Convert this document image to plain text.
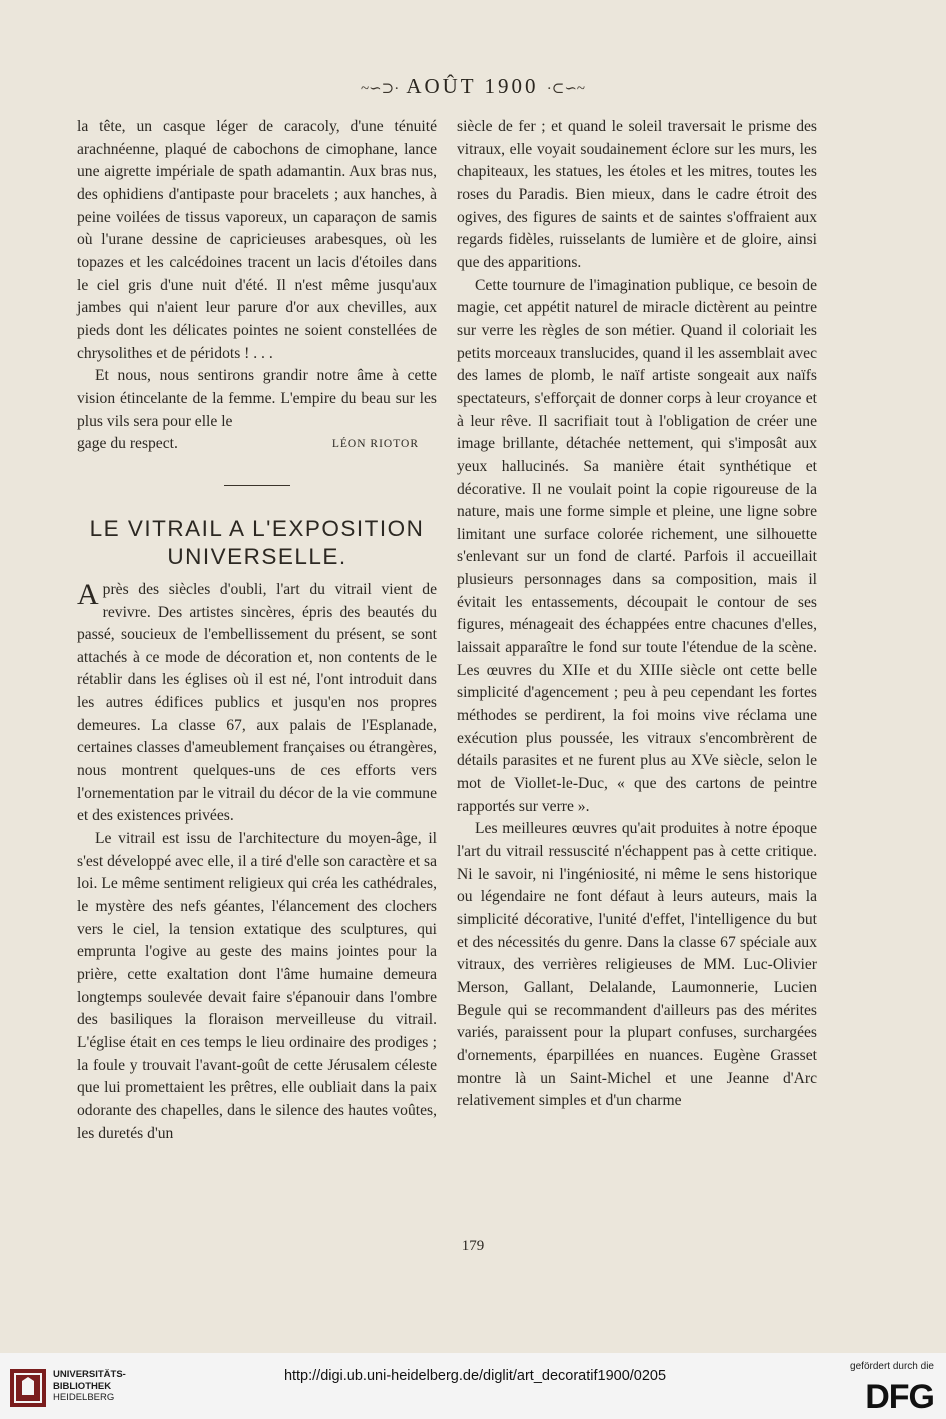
~∽⊃· AOÛT 1900 ·⊂∽~

la tête, un casque léger de caracoly, d'une ténuité arachnéenne, plaqué de cabochons de cimophane, lance une aigrette impériale de spath adamantin. Aux bras nus, des ophidiens d'antipaste pour bracelets ; aux hanches, à peine voilées de tissus vaporeux, un caparaçon de samis où l'urane dessine de capricieuses arabesques, où les topazes et les calcédoines tracent un lacis d'étoiles dans le ciel gris d'une nuit d'été. Il n'est même jusqu'aux jambes qui n'aient leur parure d'or aux chevilles, aux pieds dont les délicates pointes ne soient constellées de chrysolithes et de péridots ! . . .

Et nous, nous sentirons grandir notre âme à cette vision étincelante de la femme. L'empire du beau sur les plus vils sera pour elle le

gage du respect.	LÉON RIOTOR
LE VITRAIL A L'EXPOSITION UNIVERSELLE.

Après des siècles d'oubli, l'art du vitrail vient de revivre. Des artistes sincères, épris des beautés du passé, soucieux de l'embellissement du présent, se sont attachés à ce mode de décoration et, non contents de le rétablir dans les églises où il est né, l'ont introduit dans les autres édifices publics et jusqu'en nos propres demeures. La classe 67, aux palais de l'Esplanade, certaines classes d'ameublement françaises ou étrangères, nous montrent quelques-uns de ces efforts vers l'ornementation par le vitrail du décor de la vie commune et des existences privées.

Le vitrail est issu de l'architecture du moyen-âge, il s'est développé avec elle, il a tiré d'elle son caractère et sa loi. Le même sentiment religieux qui créa les cathédrales, le mystère des nefs géantes, l'élancement des clochers vers le ciel, la tension extatique des sculptures, qui emprunta l'ogive au geste des mains jointes pour la prière, cette exaltation dont l'âme humaine demeura longtemps soulevée devait faire s'épanouir dans l'ombre des basiliques la floraison merveilleuse du vitrail. L'église était en ces temps le lieu ordinaire des prodiges ; la foule y trouvait l'avant-goût de cette Jérusalem céleste que lui promettaient les prêtres, elle oubliait dans la paix odorante des chapelles, dans le silence des hautes voûtes, les duretés d'un

siècle de fer ; et quand le soleil traversait le prisme des vitraux, elle voyait soudainement éclore sur les murs, les chapiteaux, les statues, les étoles et les mitres, toutes les roses du Paradis. Bien mieux, dans le cadre étroit des ogives, des figures de saints et de saintes s'offraient aux regards fidèles, ruisselants de lumière et de gloire, ainsi que des apparitions.

Cette tournure de l'imagination publique, ce besoin de magie, cet appétit naturel de miracle dictèrent au peintre sur verre les règles de son métier. Quand il coloriait les petits morceaux translucides, quand il les assemblait avec des lames de plomb, le naïf artiste songeait aux naïfs spectateurs, s'efforçait de donner corps à leur croyance et à leur rêve. Il sacrifiait tout à l'obligation de créer une image brillante, détachée nettement, qui s'imposât aux yeux hallucinés. Sa manière était synthétique et décorative. Il ne voulait point la copie rigoureuse de la nature, mais une forme simple et pleine, une ligne sobre limitant une surface colorée richement, une silhouette s'enlevant sur un fond de clarté. Parfois il accueillait plusieurs personnages dans sa composition, mais il évitait les entassements, découpait le contour de ses figures, ménageait des échappées entre chacunes d'elles, laissait apparaître le fond sur toute l'étendue de la scène. Les œuvres du XIIe et du XIIIe siècle ont cette belle simplicité d'agencement ; peu à peu cependant les fortes méthodes se perdirent, la foi moins vive réclama une exécution plus poussée, les vitraux s'encombrèrent de détails parasites et ne furent plus au XVe siècle, selon le mot de Viollet-le-Duc, « que des cartons de peintre rapportés sur verre ».

Les meilleures œuvres qu'ait produites à notre époque l'art du vitrail ressuscité n'échappent pas à cette critique. Ni le savoir, ni l'ingéniosité, ni même le sens historique ou légendaire ne font défaut à leurs auteurs, mais la simplicité décorative, l'unité d'effet, l'intelligence du but et des nécessités du genre. Dans la classe 67 spéciale aux vitraux, des verrières religieuses de MM. Luc-Olivier Merson, Gallant, Delalande, Laumonnerie, Lucien Begule qui se recommandent d'ailleurs pas des mérites variés, paraissent pour la plupart confuses, surchargées d'ornements, éparpillées en nuances. Eugène Grasset montre là un Saint-Michel et une Jeanne d'Arc relativement simples et d'un charme

179
UNIVERSITÄTS-
BIBLIOTHEK
HEIDELBERG
http://digi.ub.uni-heidelberg.de/diglit/art_decoratif1900/0205
gefördert durch die
DFG
